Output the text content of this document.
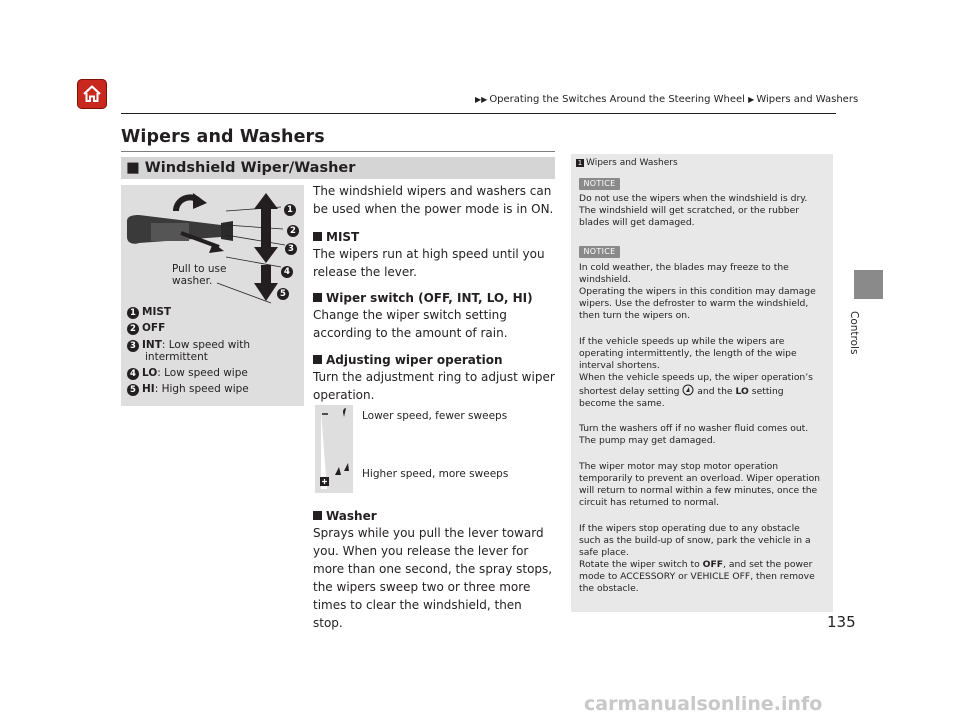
▶▶ Operating the Switches Around the Steering Wheel ▶ Wipers and Washers
Wipers and Washers
■ Windshield Wiper/Washer
Controls
1
2
3
4
5
Pull to use washer.
1 MIST
2 OFF
3 INT: Low speed with
intermittent
4 LO: Low speed wipe
5 HI: High speed wipe
The windshield wipers and washers can be used when the power mode is in ON.
MIST
The wipers run at high speed until you release the lever.
Wiper switch (OFF, INT, LO, HI)
Change the wiper switch setting according to the amount of rain.
Adjusting wiper operation
Turn the adjustment ring to adjust wiper operation.
Lower speed, fewer sweeps
Higher speed, more sweeps
Washer
Sprays while you pull the lever toward you. When you release the lever for more than one second, the spray stops, the wipers sweep two or three more times to clear the windshield, then stop.
1 Wipers and Washers
NOTICE
Do not use the wipers when the windshield is dry. The windshield will get scratched, or the rubber blades will get damaged.
NOTICE
In cold weather, the blades may freeze to the windshield.
Operating the wipers in this condition may damage wipers. Use the defroster to warm the windshield, then turn the wipers on.
If the vehicle speeds up while the wipers are operating intermittently, the length of the wipe interval shortens.
When the vehicle speeds up, the wiper operation’s shortest delay setting and the LO setting become the same.
Turn the washers off if no washer fluid comes out. The pump may get damaged.
The wiper motor may stop motor operation temporarily to prevent an overload. Wiper operation will return to normal within a few minutes, once the circuit has returned to normal.
If the wipers stop operating due to any obstacle such as the build-up of snow, park the vehicle in a safe place.
Rotate the wiper switch to OFF, and set the power mode to ACCESSORY or VEHICLE OFF, then remove the obstacle.
135
carmanualsonline.info
